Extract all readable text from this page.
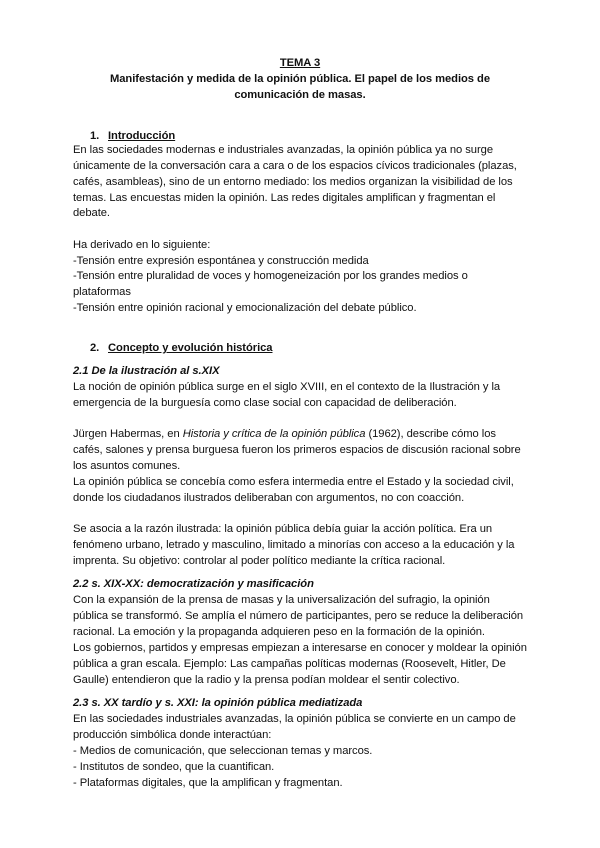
TEMA 3
Manifestación y medida de la opinión pública. El papel de los medios de
comunicación de masas.
1. Introducción
En las sociedades modernas e industriales avanzadas, la opinión pública ya no surge
únicamente de la conversación cara a cara o de los espacios cívicos tradicionales (plazas,
cafés, asambleas), sino de un entorno mediado: los medios organizan la visibilidad de los
temas. Las encuestas miden la opinión. Las redes digitales amplifican y fragmentan el
debate.
Ha derivado en lo siguiente:
-Tensión entre expresión espontánea y construcción medida
-Tensión entre pluralidad de voces y homogeneización por los grandes medios o
plataformas
-Tensión entre opinión racional y emocionalización del debate público.
2. Concepto y evolución histórica
2.1 De la ilustración al s.XIX
La noción de opinión pública surge en el siglo XVIII, en el contexto de la Ilustración y la
emergencia de la burguesía como clase social con capacidad de deliberación.
Jürgen Habermas, en Historia y crítica de la opinión pública (1962), describe cómo los
cafés, salones y prensa burguesa fueron los primeros espacios de discusión racional sobre
los asuntos comunes.
La opinión pública se concebía como esfera intermedia entre el Estado y la sociedad civil,
donde los ciudadanos ilustrados deliberaban con argumentos, no con coacción.
Se asocia a la razón ilustrada: la opinión pública debía guiar la acción política. Era un
fenómeno urbano, letrado y masculino, limitado a minorías con acceso a la educación y la
imprenta. Su objetivo: controlar al poder político mediante la crítica racional.
2.2 s. XIX-XX: democratización y masificación
Con la expansión de la prensa de masas y la universalización del sufragio, la opinión
pública se transformó. Se amplía el número de participantes, pero se reduce la deliberación
racional. La emoción y la propaganda adquieren peso en la formación de la opinión.
Los gobiernos, partidos y empresas empiezan a interesarse en conocer y moldear la opinión
pública a gran escala. Ejemplo: Las campañas políticas modernas (Roosevelt, Hitler, De
Gaulle) entendieron que la radio y la prensa podían moldear el sentir colectivo.
2.3 s. XX tardío y s. XXI: la opinión pública mediatizada
En las sociedades industriales avanzadas, la opinión pública se convierte en un campo de
producción simbólica donde interactúan:
- Medios de comunicación, que seleccionan temas y marcos.
- Institutos de sondeo, que la cuantifican.
- Plataformas digitales, que la amplifican y fragmentan.
